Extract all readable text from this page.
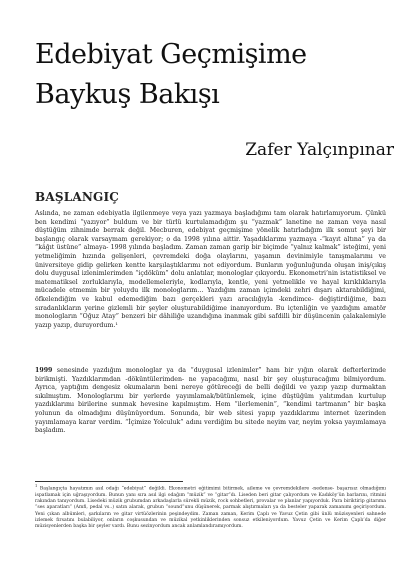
Edebiyat Geçmişime
Baykuş Bakışı

Zafer Yalçınpınar

BAŞLANGIÇ

Aslında, ne zaman edebiyatla ilgilenmeye veya yazı yazmaya başladığımı tam olarak hatırlamıyorum. Çünkü ben kendimi “yazıyor” buldum ve bir türlü kurtulamadığım şu “yazmak” lanetine ne zaman veya nasıl düştüğüm zihnimde berrak değil. Mecburen, edebiyat geçmişime yönelik hatırladığım ilk somut şeyi bir başlangıç olarak varsaymam gerekiyor; o da 1998 yılına aittir. Yaşadıklarımı yazmaya -“kayıt altına” ya da “kâğıt üstüne” almaya- 1998 yılında başladım. Zaman zaman garip bir biçimde “yalnız kalmak” isteğimi, yeni yetmeliğimin hızında gelişenleri, çevremdeki doğa olaylarını, yaşamın devinimiyle tanışmalarımı ve üniversiteye gidip gelirken kentte karşılaştıklarımı not ediyordum. Bunların yoğunluğunda oluşan iniş/çıkış dolu duygusal izlenimlerimden “içdöküm” dolu anlatılar, monologlar çıkıyordu. Ekonometri’nin istatistiksel ve matematiksel zorluklarıyla, modellemeleriyle, kodlarıyla, kentle, yeni yetmelikle ve hayal kırıklıklarıyla mücadele etmemin bir yoluydu ilk monologlarım… Yazdığım zaman içimdeki zehri dışarı aktarabildiğimi, öfkelendiğim ve kabul edemediğim bazı gerçekleri yazı aracılığıyla -kendimce- değiştirdiğime, bazı sıradanlıkların yerine gizlemli bir şeyler oluşturabildiğime inanıyordum. Bu içtenliğin ve yazdığım amatör monologların “Oğuz Atay” benzeri bir dâhiliğe uzandığına inanmak gibi safdilli bir düşüncenin çalakalemiyle yazıp yazıp, duruyordum.¹

1999 senesinde yazdığım monologlar ya da “duygusal izlenimler” ham bir yığın olarak defterlerimde birikmişti. Yazdıklarımdan -döküntülerimden- ne yapacağımı, nasıl bir şey oluşturacağımı bilmiyordum. Ayrıca, yaptığım dengesiz okumaların beni nereye götüreceği de belli değildi ve yazıp yazıp durmaktan sıkılmıştım. Monologlarımı bir yerlerde yayımlamak/bütünlemek, içine düştüğüm yalıtımdan kurtulup yazdıklarımı birilerine sunmak hevesine kapılmıştım. Hem “ilerlemenin”, “kendimi tartmanın” bir başka yolunun da olmadığını düşünüyordum. Sonunda, bir web sitesi yapıp yazdıklarımı internet üzerinden yayımlamaya karar verdim. “İçimize Yolculuk” adını verdiğim bu sitede neyim var, neyim yoksa yayımlamaya başladım.

$^1$ Başlangıçta hayatımın asıl odağı “edebiyat” değildi. Ekonometri eğitimimi bitirmek, aileme ve çevremdekilere -nedense- başarısız olmadığımı ispatlamak için uğraşıyordum. Bunun yanı sıra asıl ilgi odağım “müzik” ve “gitar”dı. Liseden beri gitar çalıyordum ve Kadıköy’ün barlarını, ritmini rakından tanıyordum. Lisedeki müzik grubumdan arkadaşlarla sürekli müzik, rock sohbetleri, provalar ve planlar yapıyorduk. Para biriktirip gitarıma “ses aparatları” (Amfi, pedal vs..) satın alarak, grubun “sound”unu düşünerek, parmak alıştırmaları ya da besteler yaparak zamanımı geçiriyordum. Yeni çıkan albümleri, şarkıların ve gitar virtüözlerinin peşindeydim. Zaman zaman, Kerim Çaplı ve Yavuz Çetin gibi ünlü müzisyenleri sahnede izlemek fırsatını bulabiliyor, onların coşkusundan ve müzikal yetkinliklerinden sonsuz etkileniyordum. Yavuz Çetin ve Kerim Çaplı’da diğer müzisyenlerden başka bir şeyler vardı. Bunu sezinyordum ancak anlamlandıramıyordum.
